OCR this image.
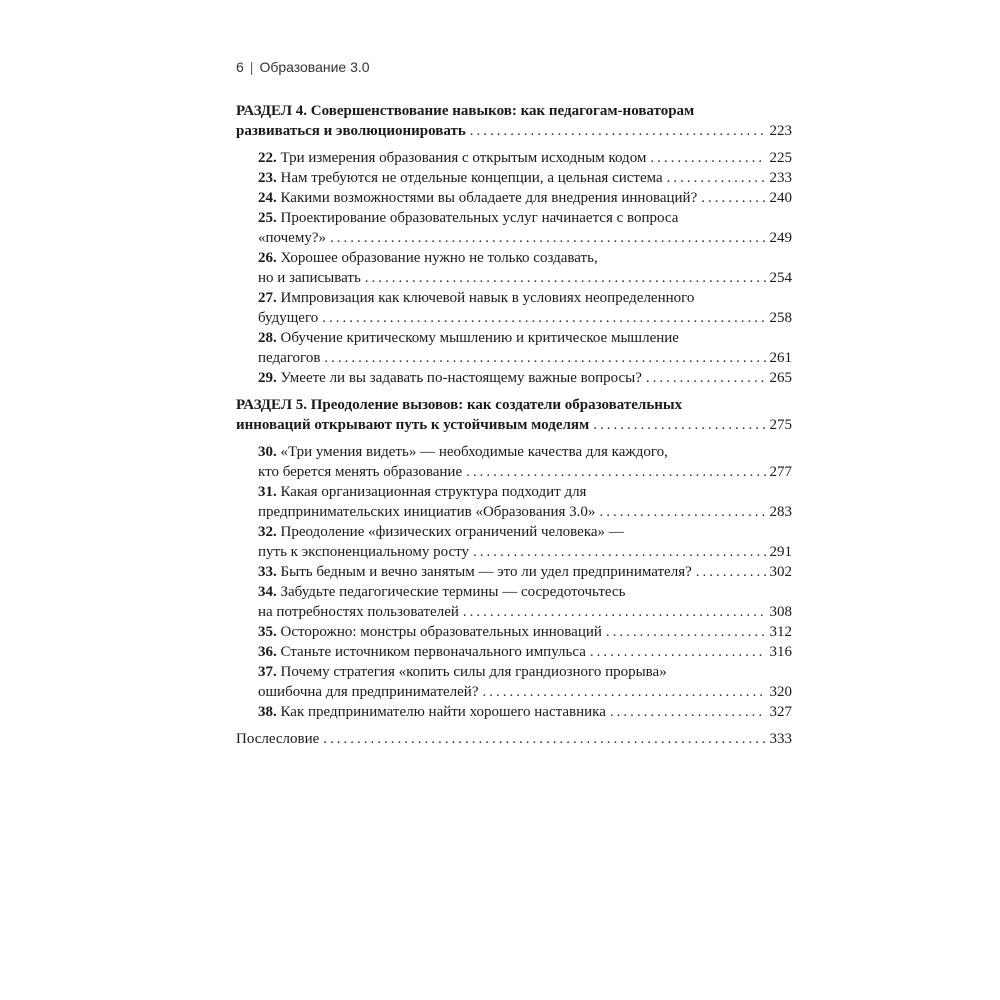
6 | Образование 3.0
РАЗДЕЛ 4. Совершенствование навыков: как педагогам-новаторам
развиваться и эволюционировать .....	223
22. Три измерения образования с открытым исходным кодом .....	225
23. Нам требуются не отдельные концепции, а цельная система .....	233
24. Какими возможностями вы обладаете для внедрения инноваций? .....	240
25. Проектирование образовательных услуг начинается с вопроса
«почему?» .....	249
26. Хорошее образование нужно не только создавать,
но и записывать .....	254
27. Импровизация как ключевой навык в условиях неопределенного
будущего .....	258
28. Обучение критическому мышлению и критическое мышление
педагогов .....	261
29. Умеете ли вы задавать по-настоящему важные вопросы? .....	265
РАЗДЕЛ 5. Преодоление вызовов: как создатели образовательных
инноваций открывают путь к устойчивым моделям .....	275
30. «Три умения видеть» — необходимые качества для каждого,
кто берется менять образование .....	277
31. Какая организационная структура подходит для
предпринимательских инициатив «Образования 3.0» .....	283
32. Преодоление «физических ограничений человека» —
путь к экспоненциальному росту .....	291
33. Быть бедным и вечно занятым — это ли удел предпринимателя? .....	302
34. Забудьте педагогические термины — сосредоточьтесь
на потребностях пользователей .....	308
35. Осторожно: монстры образовательных инноваций .....	312
36. Станьте источником первоначального импульса .....	316
37. Почему стратегия «копить силы для грандиозного прорыва»
ошибочна для предпринимателей? .....	320
38. Как предпринимателю найти хорошего наставника .....	327
Послесловие .....	333
